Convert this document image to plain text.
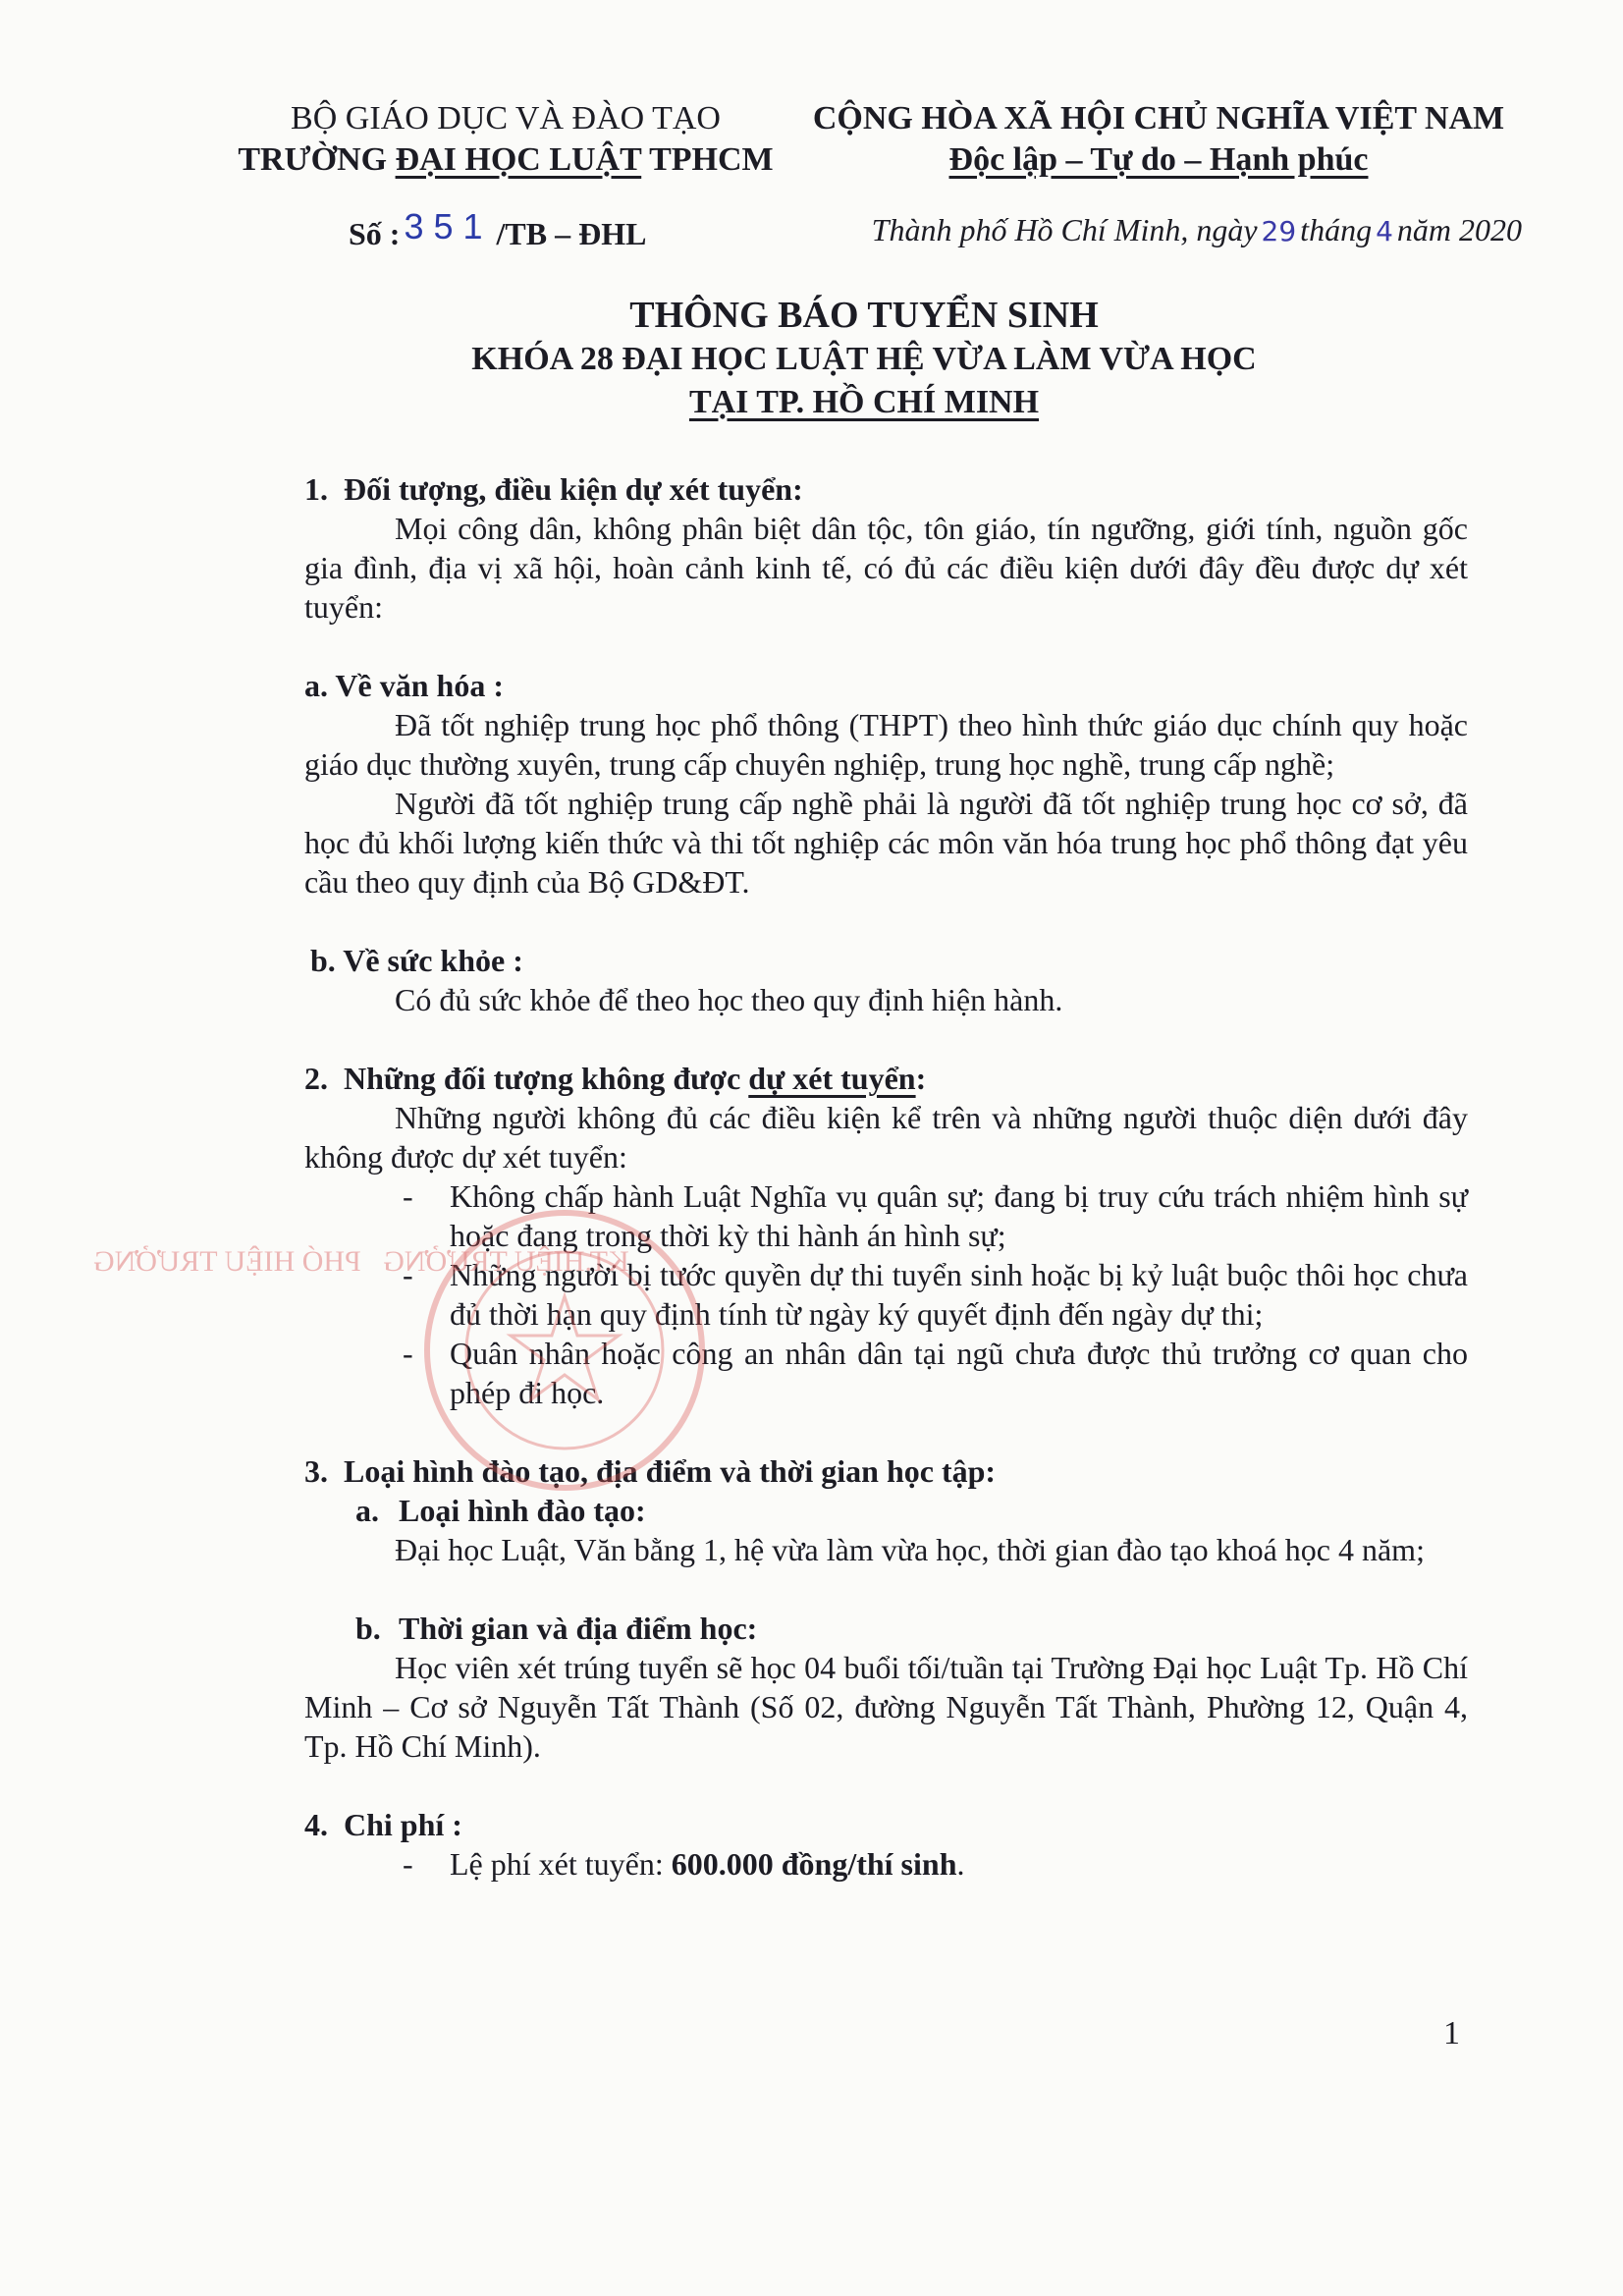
BỘ GIÁO DỤC VÀ ĐÀO TẠO
TRƯỜNG ĐẠI HỌC LUẬT TPHCM
CỘNG HÒA XÃ HỘI CHỦ NGHĨA VIỆT NAM
Độc lập – Tự do – Hạnh phúc
Số : 351 /TB – ĐHL	Thành phố Hồ Chí Minh, ngày 29 tháng 4 năm 2020
THÔNG BÁO TUYỂN SINH
KHÓA 28 ĐẠI HỌC LUẬT HỆ VỪA LÀM VỪA HỌC
TẠI TP. HỒ CHÍ MINH

1. Đối tượng, điều kiện dự xét tuyển:

Mọi công dân, không phân biệt dân tộc, tôn giáo, tín ngưỡng, giới tính, nguồn gốc gia đình, địa vị xã hội, hoàn cảnh kinh tế, có đủ các điều kiện dưới đây đều được dự xét tuyển:

a. Về văn hóa :

Đã tốt nghiệp trung học phổ thông (THPT) theo hình thức giáo dục chính quy hoặc giáo dục thường xuyên, trung cấp chuyên nghiệp, trung học nghề, trung cấp nghề;

Người đã tốt nghiệp trung cấp nghề phải là người đã tốt nghiệp trung học cơ sở, đã học đủ khối lượng kiến thức và thi tốt nghiệp các môn văn hóa trung học phổ thông đạt yêu cầu theo quy định của Bộ GD&ĐT.

b. Về sức khỏe :

Có đủ sức khỏe để theo học theo quy định hiện hành.

2. Những đối tượng không được dự xét tuyển:

Những người không đủ các điều kiện kể trên và những người thuộc diện dưới đây không được dự xét tuyển:

- Không chấp hành Luật Nghĩa vụ quân sự; đang bị truy cứu trách nhiệm hình sự hoặc đang trong thời kỳ thi hành án hình sự;
- Những người bị tước quyền dự thi tuyển sinh hoặc bị kỷ luật buộc thôi học chưa đủ thời hạn quy định tính từ ngày ký quyết định đến ngày dự thi;
- Quân nhân hoặc công an nhân dân tại ngũ chưa được thủ trưởng cơ quan cho phép đi học.

3. Loại hình đào tạo, địa điểm và thời gian học tập:

a. Loại hình đào tạo:

Đại học Luật, Văn bằng 1, hệ vừa làm vừa học, thời gian đào tạo khoá học 4 năm;

b. Thời gian và địa điểm học:

Học viên xét trúng tuyển sẽ học 04 buổi tối/tuần tại Trường Đại học Luật Tp. Hồ Chí Minh – Cơ sở Nguyễn Tất Thành (Số 02, đường Nguyễn Tất Thành, Phường 12, Quận 4, Tp. Hồ Chí Minh).

4. Chi phí :

- Lệ phí xét tuyển: 600.000 đồng/thí sinh.
KT.HIỆU TRƯỞNG   PHÓ HIỆU TRƯỞNG
1
